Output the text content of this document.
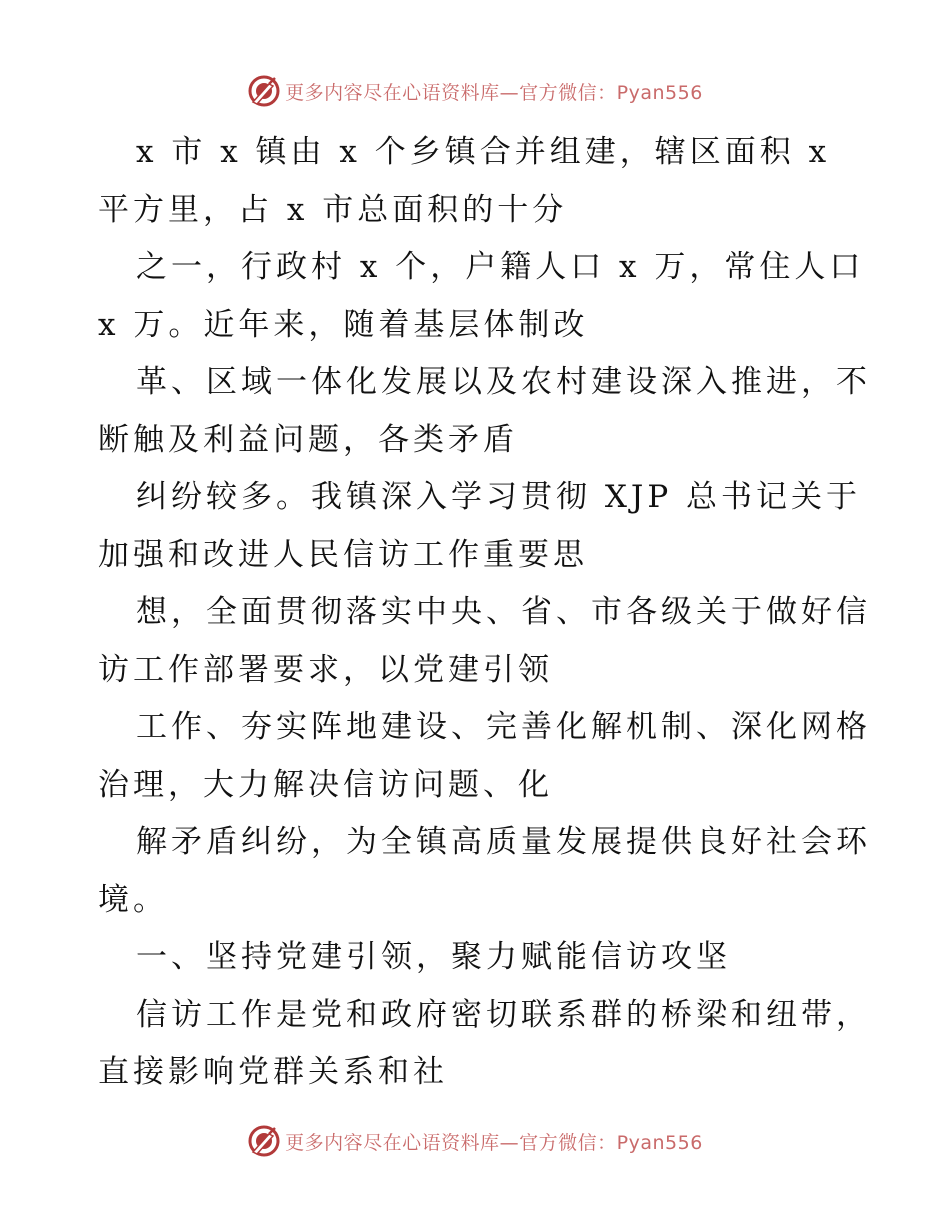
更多内容尽在心语资料库—官方微信：Pyan556
x 市 x 镇由 x 个乡镇合并组建，辖区面积 x
平方里，占 x 市总面积的十分
之一，行政村 x 个，户籍人口 x 万，常住人口
x 万。近年来，随着基层体制改
革、区域一体化发展以及农村建设深入推进，不
断触及利益问题，各类矛盾
纠纷较多。我镇深入学习贯彻 XJP 总书记关于
加强和改进人民信访工作重要思
想，全面贯彻落实中央、省、市各级关于做好信
访工作部署要求，以党建引领
工作、夯实阵地建设、完善化解机制、深化网格
治理，大力解决信访问题、化
解矛盾纠纷，为全镇高质量发展提供良好社会环
境。
一、坚持党建引领，聚力赋能信访攻坚
信访工作是党和政府密切联系群的桥梁和纽带，
直接影响党群关系和社
更多内容尽在心语资料库—官方微信：Pyan556
